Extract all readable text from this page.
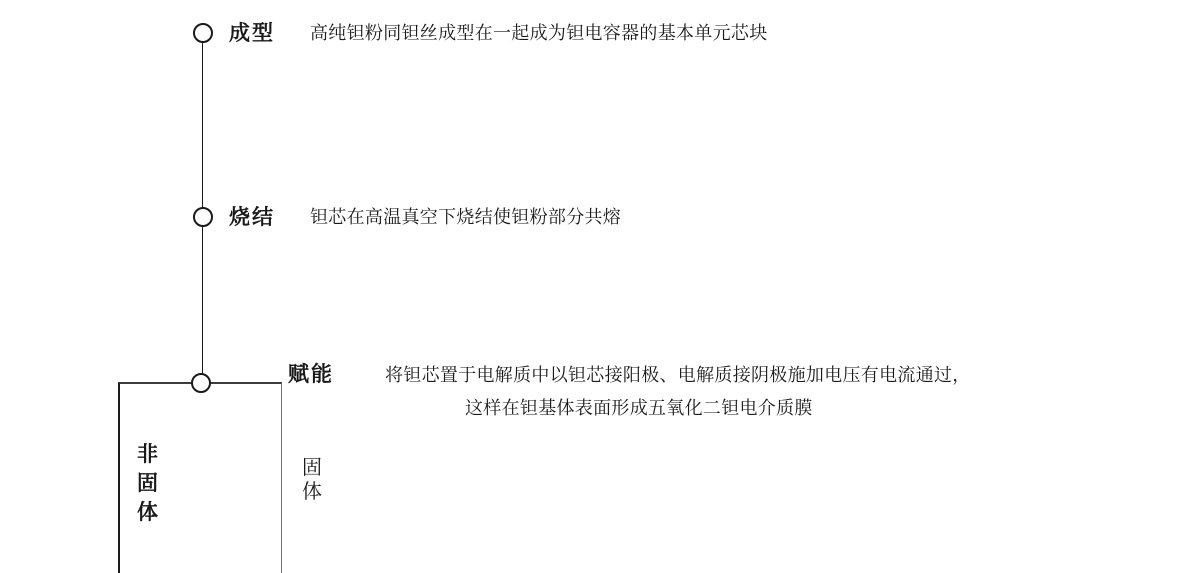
成型 高纯钽粉同钽丝成型在一起成为钽电容器的基本单元芯块
烧结 钽芯在高温真空下烧结使钽粉部分共熔
赋能	将钽芯置于电解质中以钽芯接阳极、电解质接阴极施加电压有电流通过，
这样在钽基体表面形成五氧化二钽电介质膜
非固体
固体
